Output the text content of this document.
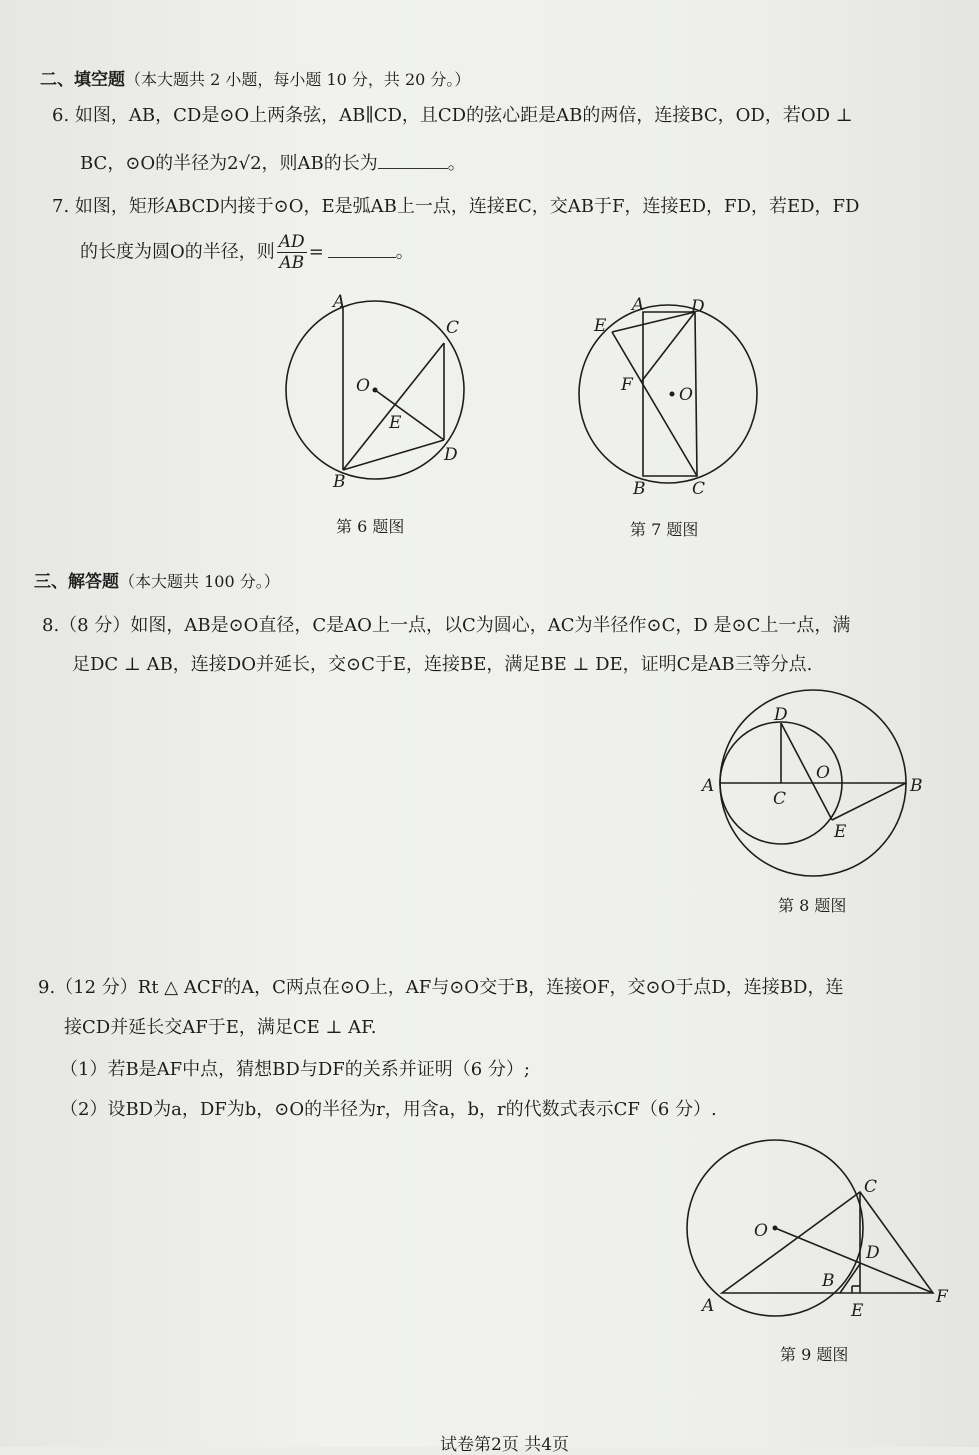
二、填空题（本大题共 2 小题，每小题 10 分，共 20 分。）
6. 如图，AB，CD是⊙O上两条弦，AB∥CD，且CD的弦心距是AB的两倍，连接BC，OD，若OD ⊥
BC，⊙O的半径为2√2，则AB的长为	。
7. 如图，矩形ABCD内接于⊙O，E是弧AB上一点，连接EC，交AB于F，连接ED，FD，若ED，FD
的长度为圆O的半径，则 $\frac{AD}{AB}$ =	。
A
B
C
D
O
E
第 6 题图
A	D
E
F	O
B	C
第 7 题图
三、解答题（本大题共 100 分。）
8.（8 分）如图，AB是⊙O直径，C是AO上一点，以C为圆心，AC为半径作⊙C，D 是⊙C上一点，满
足DC ⊥ AB，连接DO并延长，交⊙C于E，连接BE，满足BE ⊥ DE，证明C是AB三等分点.
A	B
C
D
O
E
第 8 题图
9.（12 分）Rt △ ACF的A，C两点在⊙O上，AF与⊙O交于B，连接OF，交⊙O于点D，连接BD，连
接CD并延长交AF于E，满足CE ⊥ AF.
（1）若B是AF中点，猜想BD与DF的关系并证明（6 分）;
（2）设BD为a，DF为b，⊙O的半径为r，用含a，b，r的代数式表示CF（6 分）.
O
C
D
B
A	E
F
第 9 题图
试卷第2页 共4页
